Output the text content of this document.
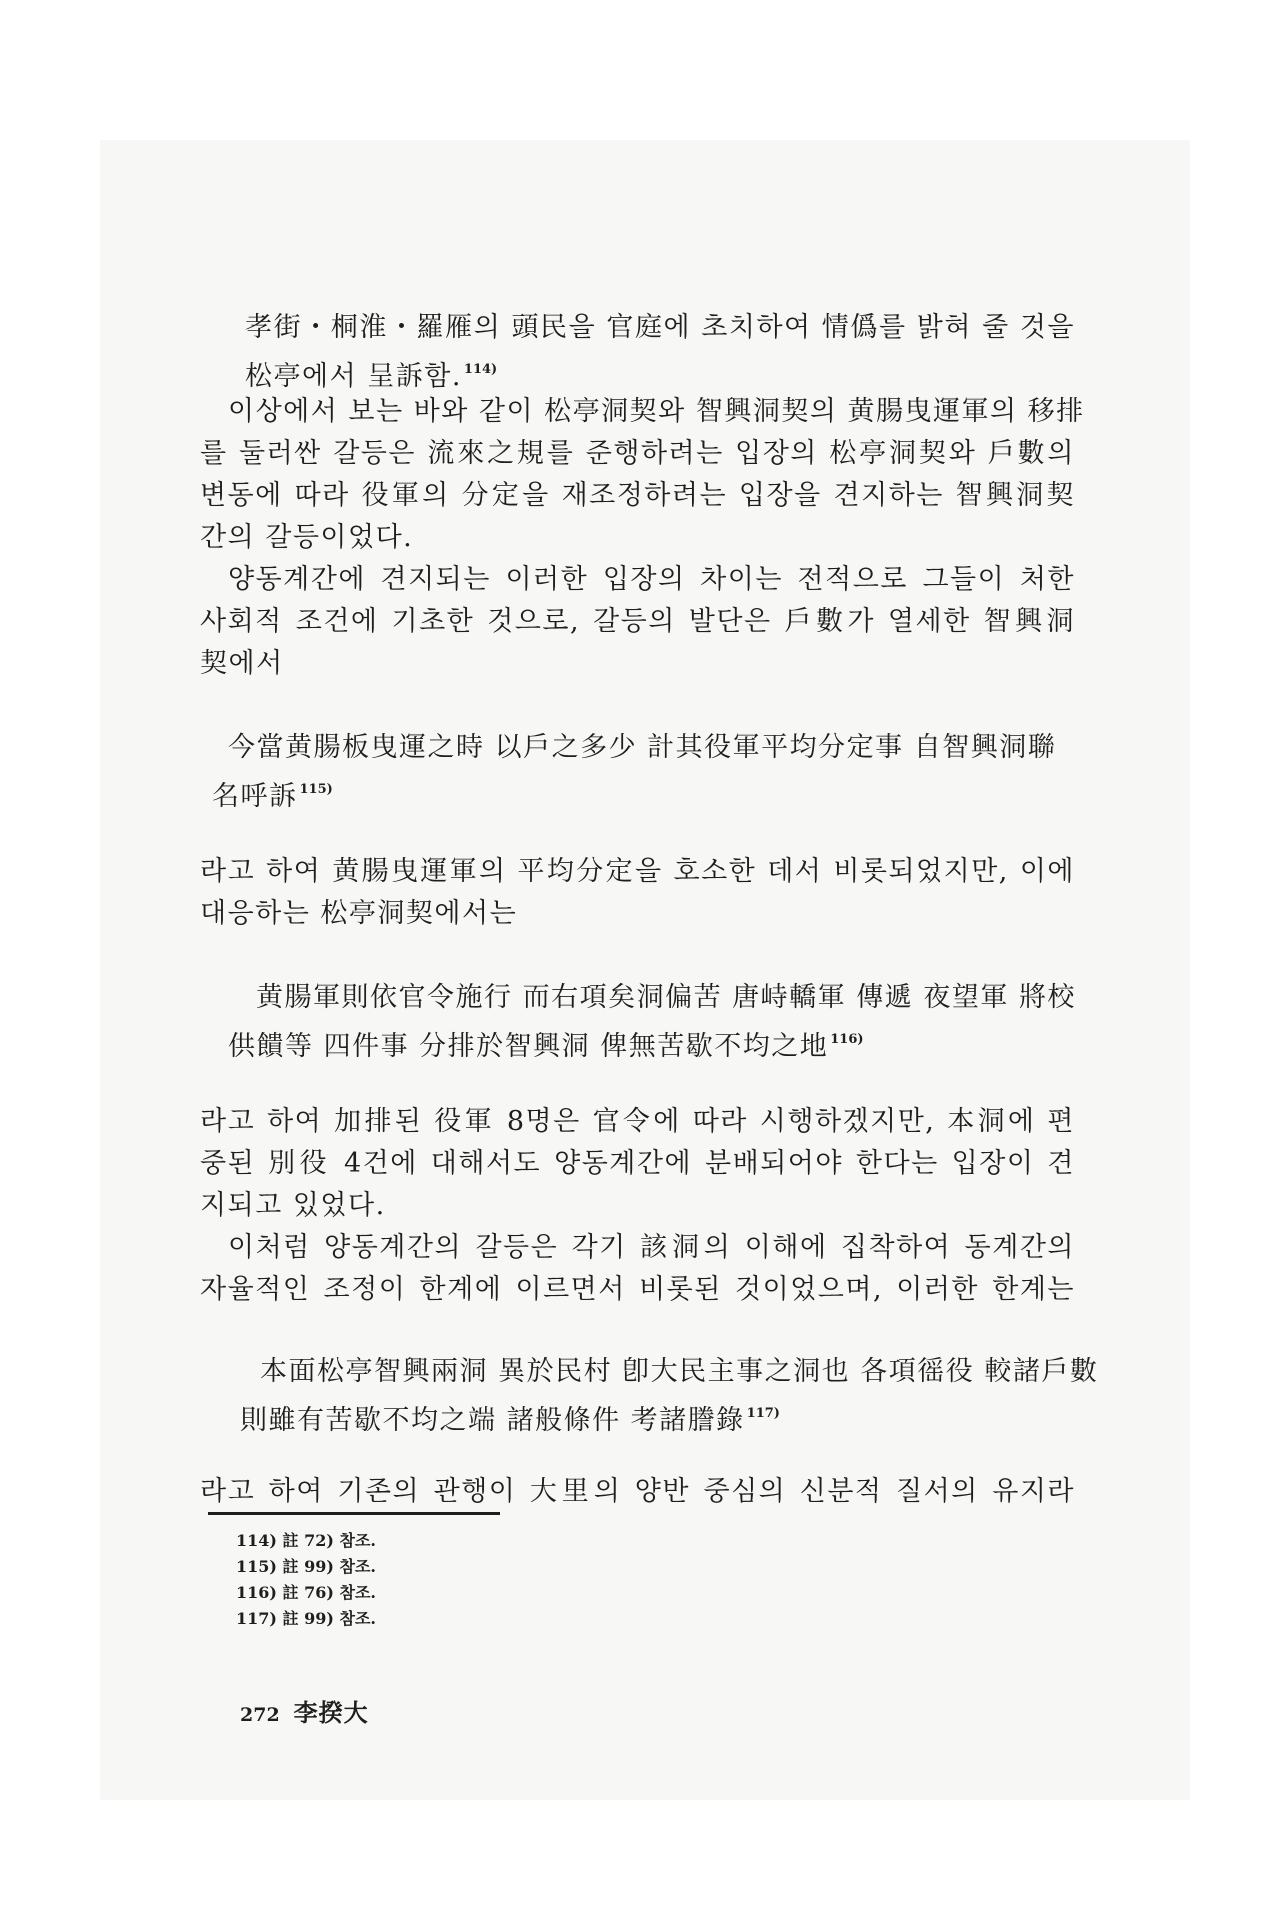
孝街・桐淮・羅雁의 頭民을 官庭에 초치하여 情僞를 밝혀 줄 것을
松亭에서 呈訴함. $^{114)}$
이상에서 보는 바와 같이 松亭洞契와 智興洞契의 黄腸曳運軍의 移排
를 둘러싼 갈등은 流來之規를 준행하려는 입장의 松亭洞契와 戶數의
변동에 따라 役軍의 分定을 재조정하려는 입장을 견지하는 智興洞契
간의 갈등이었다.
양동계간에 견지되는 이러한 입장의 차이는 전적으로 그들이 처한
사회적 조건에 기초한 것으로, 갈등의 발단은 戶數가 열세한 智興洞
契에서
今當黄腸板曳運之時 以戶之多少 計其役軍平均分定事 自智興洞聯
名呼訴 $^{115)}$
라고 하여 黄腸曳運軍의 平均分定을 호소한 데서 비롯되었지만, 이에
대응하는 松亭洞契에서는
黄腸軍則依官令施行 而右項矣洞偏苦 唐峙轎軍 傳遞 夜望軍 將校
供饋等 四件事 分排於智興洞 俾無苦歇不均之地 $^{116)}$
라고 하여 加排된 役軍 8명은 官令에 따라 시행하겠지만, 本洞에 편
중된 別役 4건에 대해서도 양동계간에 분배되어야 한다는 입장이 견
지되고 있었다.
이처럼 양동계간의 갈등은 각기 該洞의 이해에 집착하여 동계간의
자율적인 조정이 한계에 이르면서 비롯된 것이었으며, 이러한 한계는
本面松亭智興兩洞 異於民村 卽大民主事之洞也 各項徭役 較諸戶數
則雖有苦歇不均之端 諸般條件 考諸謄錄 $^{117)}$
라고 하여 기존의 관행이 大里의 양반 중심의 신분적 질서의 유지라
114) 註 72) 참조.
115) 註 99) 참조.
116) 註 76) 참조.
117) 註 99) 참조.
272 李揆大
